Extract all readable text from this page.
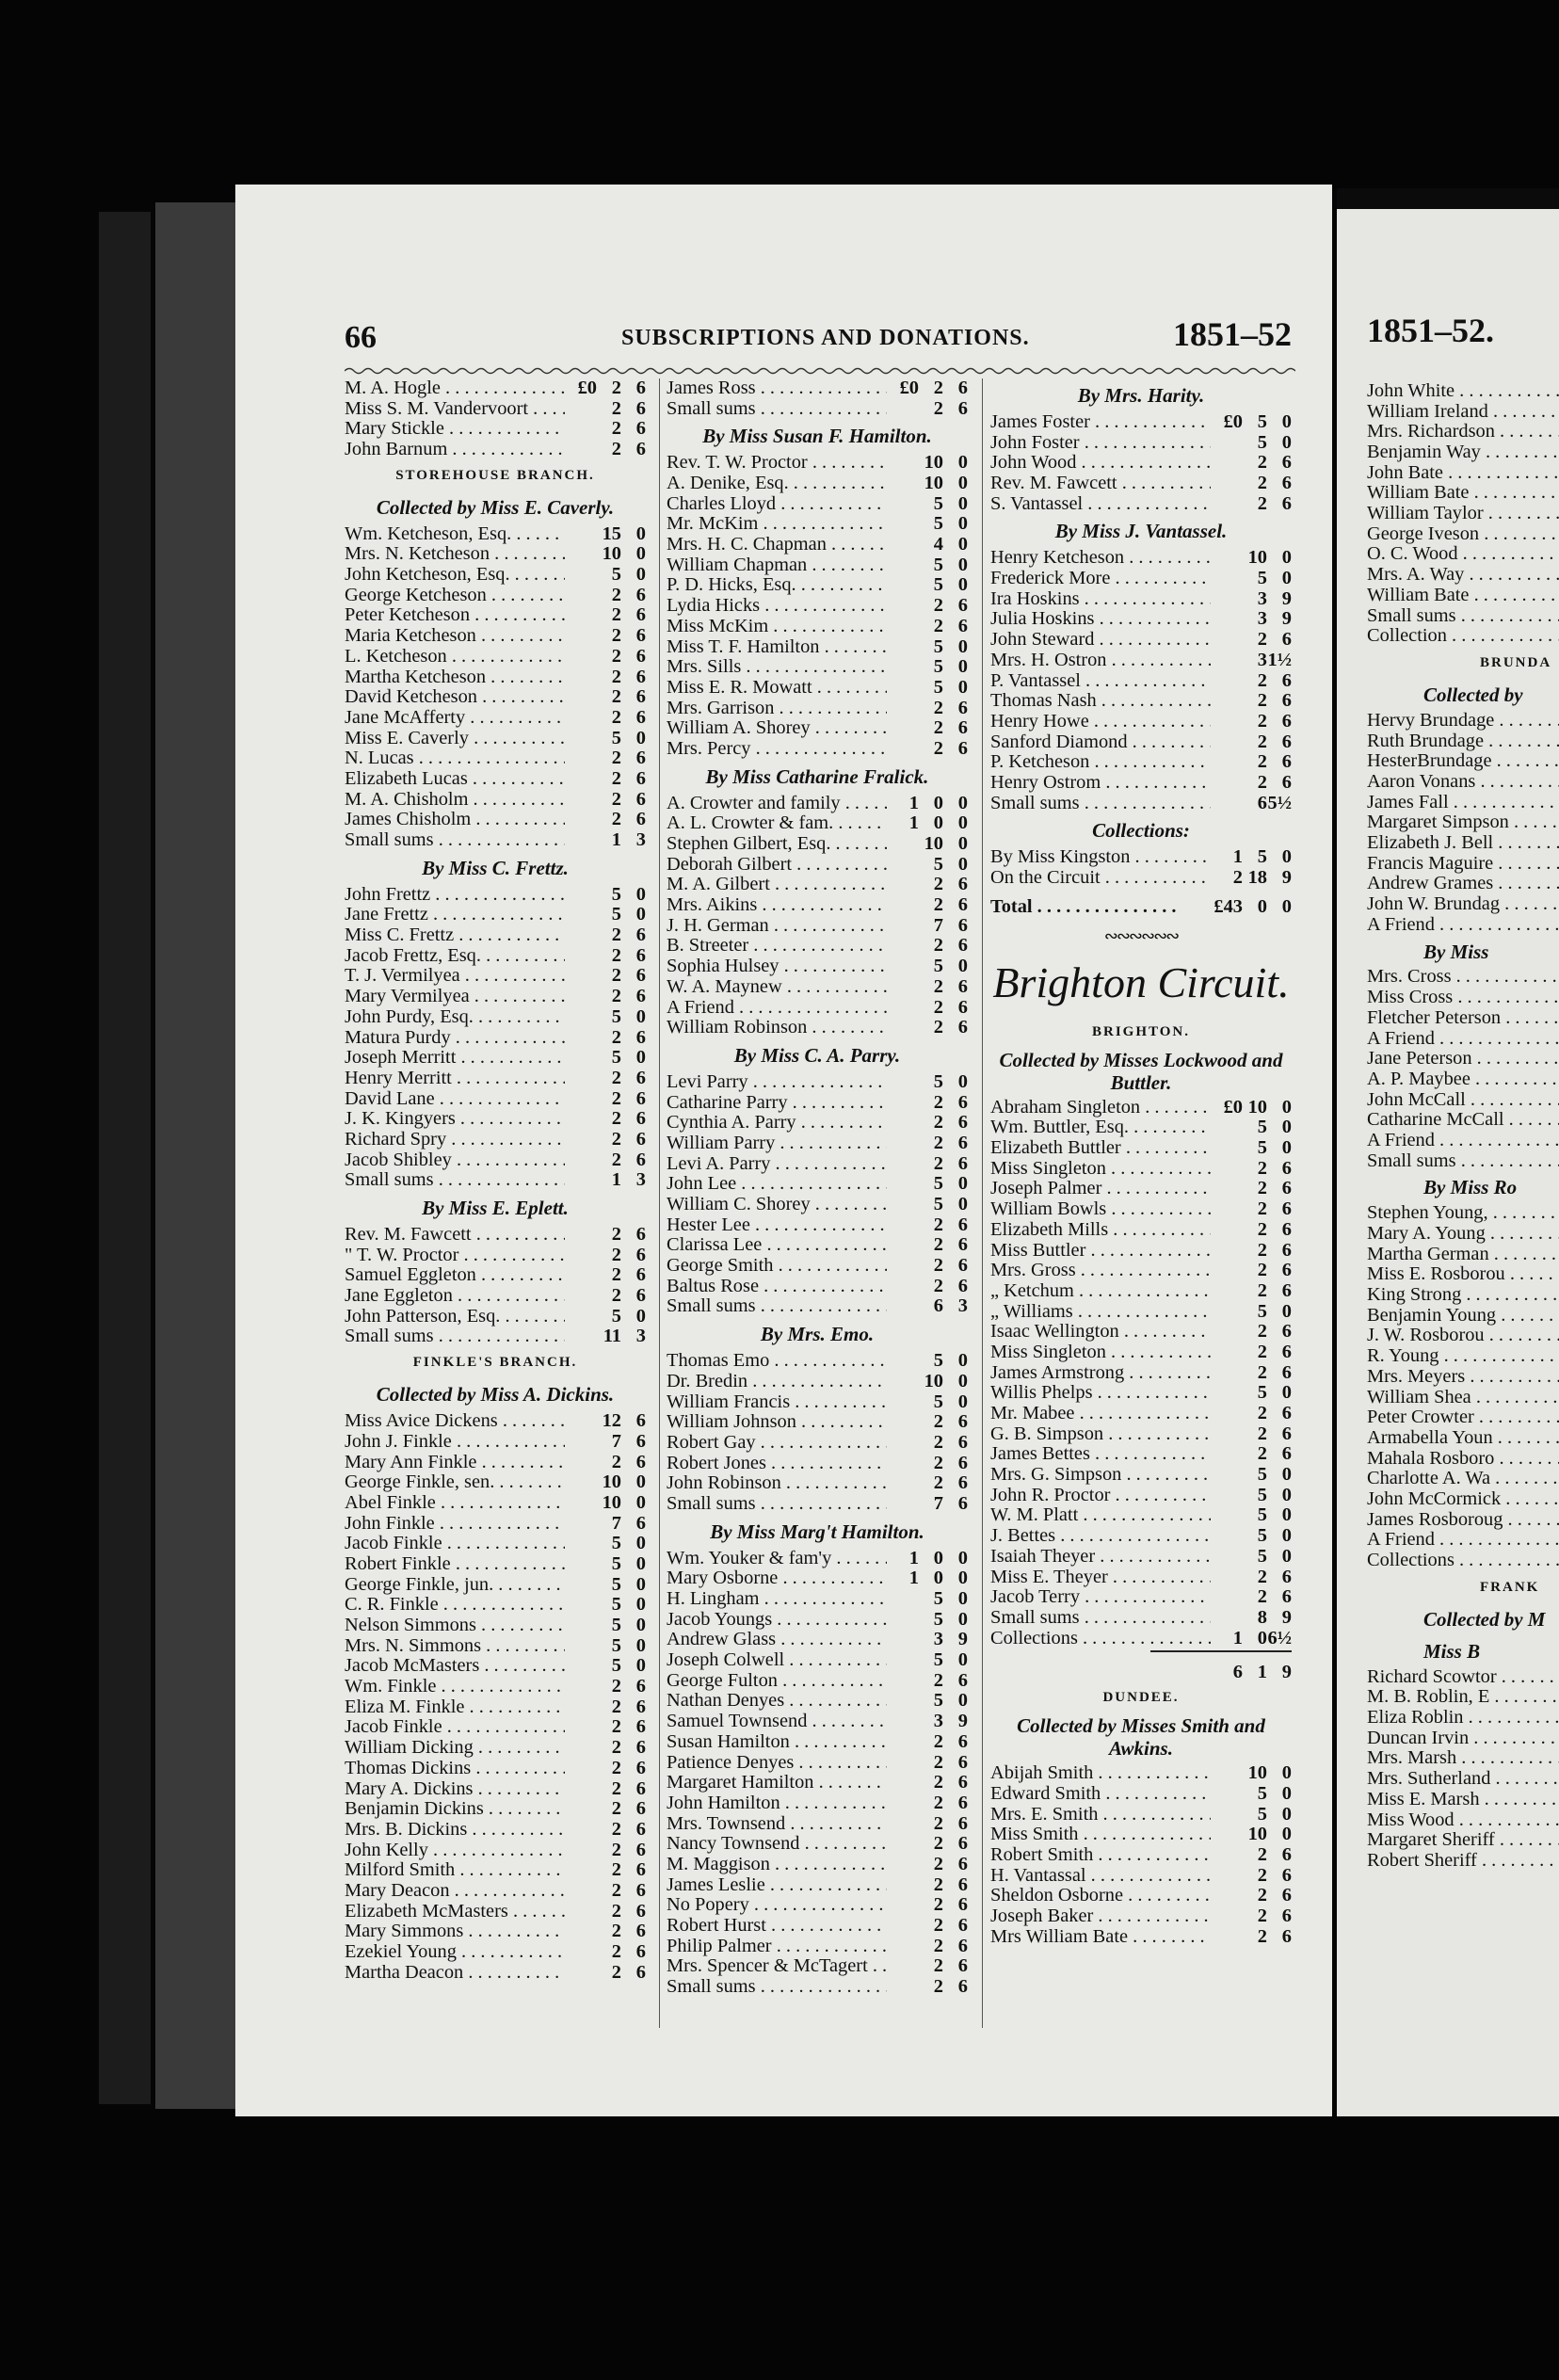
66	SUBSCRIPTIONS AND DONATIONS.	1851–52
M. A. Hogle . . .	£0 2 6
Miss S. M. Vandervoort . . .	2 6
Mary Stickle . . .	2 6
John Barnum . . .	2 6
STOREHOUSE BRANCH.
Collected by Miss E. Caverly.
Wm. Ketcheson, Esq. . . .	15 0
Mrs. N. Ketcheson . . .	10 0
John Ketcheson, Esq. . . .	5 0
George Ketcheson . . .	2 6
Peter Ketcheson . . .	2 6
Maria Ketcheson . . .	2 6
L. Ketcheson . . .	2 6
Martha Ketcheson . . .	2 6
David Ketcheson . . .	2 6
Jane McAfferty . . .	2 6
Miss E. Caverly . . .	5 0
N. Lucas . . .	2 6
Elizabeth Lucas . . .	2 6
M. A. Chisholm . . .	2 6
James Chisholm . . .	2 6
Small sums . . .	1 3
By Miss C. Frettz.
John Frettz . . .	5 0
Jane Frettz . . .	5 0
Miss C. Frettz . . .	2 6
Jacob Frettz, Esq. . . .	2 6
T. J. Vermilyea . . .	2 6
Mary Vermilyea . . .	2 6
John Purdy, Esq. . . .	5 0
Matura Purdy . . .	2 6
Joseph Merritt . . .	5 0
Henry Merritt . . .	2 6
David Lane . . .	2 6
J. K. Kingyers . . .	2 6
Richard Spry . . .	2 6
Jacob Shibley . . .	2 6
Small sums . . .	1 3
By Miss E. Eplett.
Rev. M. Fawcett . . .	2 6
" T. W. Proctor . . .	2 6
Samuel Eggleton . . .	2 6
Jane Eggleton . . .	2 6
John Patterson, Esq. . . .	5 0
Small sums . . .	11 3
FINKLE'S BRANCH.
Collected by Miss A. Dickins.
Miss Avice Dickens . . .	12 6
John J. Finkle . . .	7 6
Mary Ann Finkle . . .	2 6
George Finkle, sen. . . .	10 0
Abel Finkle . . .	10 0
John Finkle . . .	7 6
Jacob Finkle . . .	5 0
Robert Finkle . . .	5 0
George Finkle, jun. . . .	5 0
C. R. Finkle . . .	5 0
Nelson Simmons . . .	5 0
Mrs. N. Simmons . . .	5 0
Jacob McMasters . . .	5 0
Wm. Finkle . . .	2 6
Eliza M. Finkle . . .	2 6
Jacob Finkle . . .	2 6
William Dicking . . .	2 6
Thomas Dickins . . .	2 6
Mary A. Dickins . . .	2 6
Benjamin Dickins . . .	2 6
Mrs. B. Dickins . . .	2 6
John Kelly . . .	2 6
Milford Smith . . .	2 6
Mary Deacon . . .	2 6
Elizabeth McMasters . . .	2 6
Mary Simmons . . .	2 6
Ezekiel Young . . .	2 6
Martha Deacon . . .	2 6
James Ross . . .	£0 2 6
Small sums . . .	2 6
By Miss Susan F. Hamilton.
Rev. T. W. Proctor . . .	10 0
A. Denike, Esq. . . .	10 0
Charles Lloyd . . .	5 0
Mr. McKim . . .	5 0
Mrs. H. C. Chapman . . .	4 0
William Chapman . . .	5 0
P. D. Hicks, Esq. . . .	5 0
Lydia Hicks . . .	2 6
Miss McKim . . .	2 6
Miss T. F. Hamilton . . .	5 0
Mrs. Sills . . .	5 0
Miss E. R. Mowatt . . .	5 0
Mrs. Garrison . . .	2 6
William A. Shorey . . .	2 6
Mrs. Percy . . .	2 6
By Miss Catharine Fralick.
A. Crowter and family . . .	1 0 0
A. L. Crowter & fam. . . .	1 0 0
Stephen Gilbert, Esq. . . .	10 0
Deborah Gilbert . . .	5 0
M. A. Gilbert . . .	2 6
Mrs. Aikins . . .	2 6
J. H. German . . .	7 6
B. Streeter . . .	2 6
Sophia Hulsey . . .	5 0
W. A. Maynew . . .	2 6
A Friend . . .	2 6
William Robinson . . .	2 6
By Miss C. A. Parry.
Levi Parry . . .	5 0
Catharine Parry . . .	2 6
Cynthia A. Parry . . .	2 6
William Parry . . .	2 6
Levi A. Parry . . .	2 6
John Lee . . .	5 0
William C. Shorey . . .	5 0
Hester Lee . . .	2 6
Clarissa Lee . . .	2 6
George Smith . . .	2 6
Baltus Rose . . .	2 6
Small sums . . .	6 3
By Mrs. Emo.
Thomas Emo . . .	5 0
Dr. Bredin . . .	10 0
William Francis . . .	5 0
William Johnson . . .	2 6
Robert Gay . . .	2 6
Robert Jones . . .	2 6
John Robinson . . .	2 6
Small sums . . .	7 6
By Miss Marg't Hamilton.
Wm. Youker & fam'y . . .	1 0 0
Mary Osborne . . .	1 0 0
H. Lingham . . .	5 0
Jacob Youngs . . .	5 0
Andrew Glass . . .	3 9
Joseph Colwell . . .	5 0
George Fulton . . .	2 6
Nathan Denyes . . .	5 0
Samuel Townsend . . .	3 9
Susan Hamilton . . .	2 6
Patience Denyes . . .	2 6
Margaret Hamilton . . .	2 6
John Hamilton . . .	2 6
Mrs. Townsend . . .	2 6
Nancy Townsend . . .	2 6
M. Maggison . . .	2 6
James Leslie . . .	2 6
No Popery . . .	2 6
Robert Hurst . . .	2 6
Philip Palmer . . .	2 6
Mrs. Spencer & McTagert . . .	2 6
Small sums . . .	2 6
By Mrs. Harity.
James Foster . . .	£0 5 0
John Foster . . .	5 0
John Wood . . .	2 6
Rev. M. Fawcett . . .	2 6
S. Vantassel . . .	2 6
By Miss J. Vantassel.
Henry Ketcheson . . .	10 0
Frederick More . . .	5 0
Ira Hoskins . . .	3 9
Julia Hoskins . . .	3 9
John Steward . . .	2 6
Mrs. H. Ostron . . .	3 1½
P. Vantassel . . .	2 6
Thomas Nash . . .	2 6
Henry Howe . . .	2 6
Sanford Diamond . . .	2 6
P. Ketcheson . . .	2 6
Henry Ostrom . . .	2 6
Small sums . . .	6 5½
Collections:
By Miss Kingston . . .	1 5 0
On the Circuit . . .	2 18 9
Total . . .	£43 0 0
∾∾∾∾∾∾
Brighton Circuit.
BRIGHTON.
Collected by Misses Lockwood and Buttler.
Abraham Singleton . . .	£0 10 0
Wm. Buttler, Esq. . . .	5 0
Elizabeth Buttler . . .	5 0
Miss Singleton . . .	2 6
Joseph Palmer . . .	2 6
William Bowls . . .	2 6
Elizabeth Mills . . .	2 6
Miss Buttler . . .	2 6
Mrs. Gross . . .	2 6
„ Ketchum . . .	2 6
„ Williams . . .	5 0
Isaac Wellington . . .	2 6
Miss Singleton . . .	2 6
James Armstrong . . .	2 6
Willis Phelps . . .	5 0
Mr. Mabee . . .	2 6
G. B. Simpson . . .	2 6
James Bettes . . .	2 6
Mrs. G. Simpson . . .	5 0
John R. Proctor . . .	5 0
W. M. Platt . . .	5 0
J. Bettes . . .	5 0
Isaiah Theyer . . .	5 0
Miss E. Theyer . . .	2 6
Jacob Terry . . .	2 6
Small sums . . .	8 9
Collections . . .	1 0 6½
6 1 9
DUNDEE.
Collected by Misses Smith and Awkins.
Abijah Smith . . .	10 0
Edward Smith . . .	5 0
Mrs. E. Smith . . .	5 0
Miss Smith . . .	10 0
Robert Smith . . .	2 6
H. Vantassal . . .	2 6
Sheldon Osborne . . .	2 6
Joseph Baker . . .	2 6
Mrs William Bate . . .	2 6
1851–52.
John White . . .
William Ireland . . .
Mrs. Richardson . . .
Benjamin Way . . .
John Bate . . .
William Bate . . .
William Taylor . . .
George Iveson . . .
O. C. Wood . . .
Mrs. A. Way . . .
William Bate . . .
Small sums . . .
Collection . . .
BRUNDA
Collected by
Hervy Brundage . . .
Ruth Brundage . . .
HesterBrundage . . .
Aaron Vonans . . .
James Fall . . .
Margaret Simpson . . .
Elizabeth J. Bell . . .
Francis Maguire . . .
Andrew Grames . . .
John W. Brundag . . .
A Friend . . .
By Miss
Mrs. Cross . . .
Miss Cross . . .
Fletcher Peterson . . .
A Friend . . .
Jane Peterson . . .
A. P. Maybee . . .
John McCall . . .
Catharine McCall . . .
A Friend . . .
Small sums . . .
By Miss Ro
Stephen Young, . . .
Mary A. Young . . .
Martha German . . .
Miss E. Rosborou . . .
King Strong . . .
Benjamin Young . . .
J. W. Rosborou . . .
R. Young . . .
Mrs. Meyers . . .
William Shea . . .
Peter Crowter . . .
Armabella Youn . . .
Mahala Rosboro . . .
Charlotte A. Wa . . .
John McCormick . . .
James Rosboroug . . .
A Friend . . .
Collections . . .
FRANK
Collected by M
Miss B
Richard Scowtor . . .
M. B. Roblin, E . . .
Eliza Roblin . . .
Duncan Irvin . . .
Mrs. Marsh . . .
Mrs. Sutherland . . .
Miss E. Marsh . . .
Miss Wood . . .
Margaret Sheriff . . .
Robert Sheriff . . .
